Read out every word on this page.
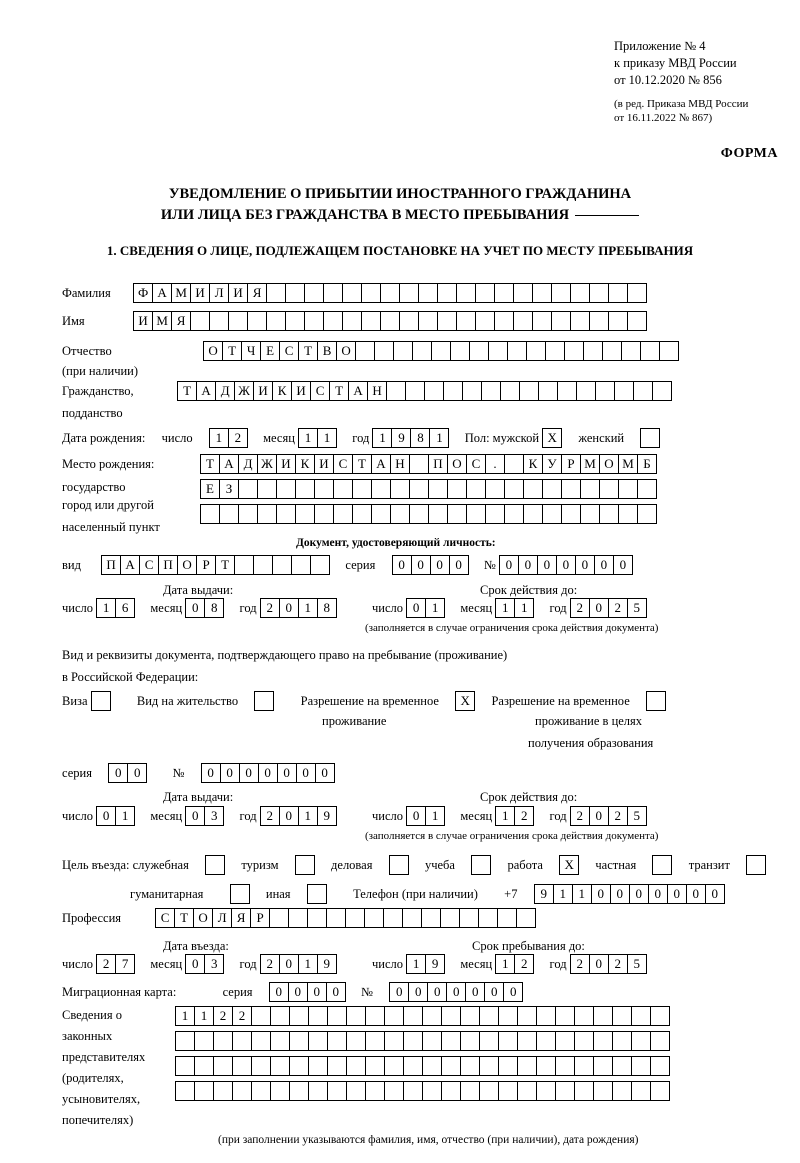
Приложение № 4
к приказу МВД России
от 10.12.2020 № 856
(в ред. Приказа МВД России
от 16.11.2022 № 867)
ФОРМА
УВЕДОМЛЕНИЕ О ПРИБЫТИИ ИНОСТРАННОГО ГРАЖДАНИНА
ИЛИ ЛИЦА БЕЗ ГРАЖДАНСТВА В МЕСТО ПРЕБЫВАНИЯ
1. СВЕДЕНИЯ О ЛИЦЕ, ПОДЛЕЖАЩЕМ ПОСТАНОВКЕ НА УЧЕТ ПО МЕСТУ ПРЕБЫВАНИЯ
Фамилия	Ф А М И Л И Я
Имя	И М Я
Отчество	О Т Ч Е С Т В О
(при наличии)
Гражданство,	Т А Д Ж И К И С Т А Н
подданство
Дата рождения: число	1 2	месяц 1 1	год 1 9 8 1	Пол: мужской Х женский
Место рождения:	Т А Д Ж И К И С Т А Н	П О С	.	К У Р М О М Б
государство	Е З
город или другой
населенный пункт
Документ, удостоверяющий личность:
вид	П А С П О Р Т	серия	0 0 0 0	№ 0 0 0 0 0 0 0
Дата выдачи:	Срок действия до:
число 1 6	месяц 0 8	год 2 0 1 8	число 0 1	месяц 1 1	год 2 0 2 5
(заполняется в случае ограничения срока действия документа)
Вид и реквизиты документа, подтверждающего право на пребывание (проживание)
в Российской Федерации:
Виза	Вид на жительство	Разрешение на временное Х Разрешение на временное
проживание	проживание в целях
получения образования
серия	0 0	№	0 0 0 0 0 0 0
Дата выдачи:	Срок действия до:
число 0 1	месяц 0 3	год 2 0 1 9	число 0 1	месяц 1 2	год 2 0 2 5
(заполняется в случае ограничения срока действия документа)
Цель въезда: служебная	туризм	деловая	учеба	работа Х частная	транзит
гуманитарная	иная	Телефон (при наличии) +7	9 1 1 0 0 0 0 0 0 0
Профессия	С Т О Л Я Р
Дата въезда:	Срок пребывания до:
число 2 7	месяц 0 3	год 2 0 1 9	число 1 9	месяц 1 2	год 2 0 2 5
Миграционная карта:	серия	0 0 0 0	№	0 0 0 0 0 0 0
Сведения о
законных
представителях
(родителях,
усыновителях,
попечителях)
1 1 2 2
(при заполнении указываются фамилия, имя, отчество (при наличии), дата рождения)
